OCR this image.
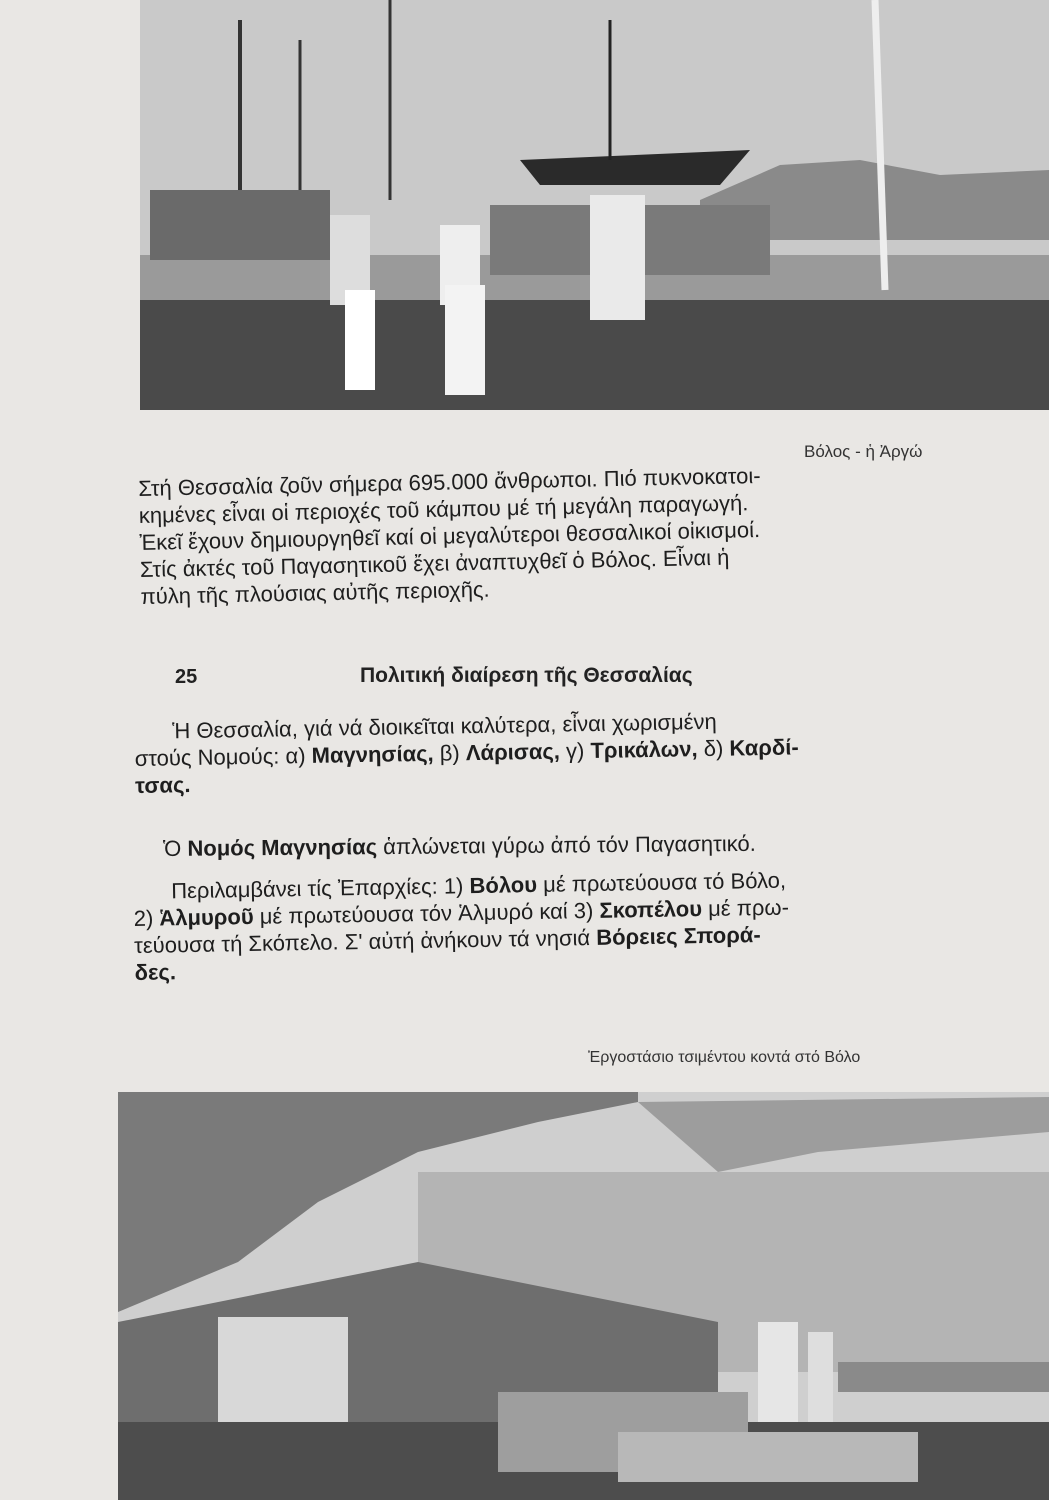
Βόλος - ἡ Ἀργώ

Στή Θεσσαλία ζοῦν σήμερα 695.000 ἄνθρωποι. Πιό πυκνοκατοι-

κημένες εἶναι οἱ περιοχές τοῦ κάμπου μέ τή μεγάλη παραγωγή.

Ἐκεῖ ἔχουν δημιουργηθεῖ καί οἱ μεγαλύτεροι θεσσαλικοί οἰκισμοί.

Στίς ἀκτές τοῦ Παγασητικοῦ ἔχει ἀναπτυχθεῖ ὁ Βόλος. Εἶναι ἡ

πύλη τῆς πλούσιας αὐτῆς περιοχῆς.

25	Πολιτική διαίρεση τῆς Θεσσαλίας

Ἡ Θεσσαλία, γιά νά διοικεῖται καλύτερα, εἶναι χωρισμένη

στούς Νομούς: α) Μαγνησίας, β) Λάρισας, γ) Τρικάλων, δ) Καρδί-

τσας.

Ὁ Νομός Μαγνησίας ἁπλώνεται γύρω ἀπό τόν Παγασητικό.

Περιλαμβάνει τίς Ἐπαρχίες: 1) Βόλου μέ πρωτεύουσα τό Βόλο,

2) Ἁλμυροῦ μέ πρωτεύουσα τόν Ἁλμυρό καί 3) Σκοπέλου μέ πρω-

τεύουσα τή Σκόπελο. Σ' αὐτή ἀνήκουν τά νησιά Βόρειες Σπορά-

δες.

Ἐργοστάσιο τσιμέντου κοντά στό Βόλο
